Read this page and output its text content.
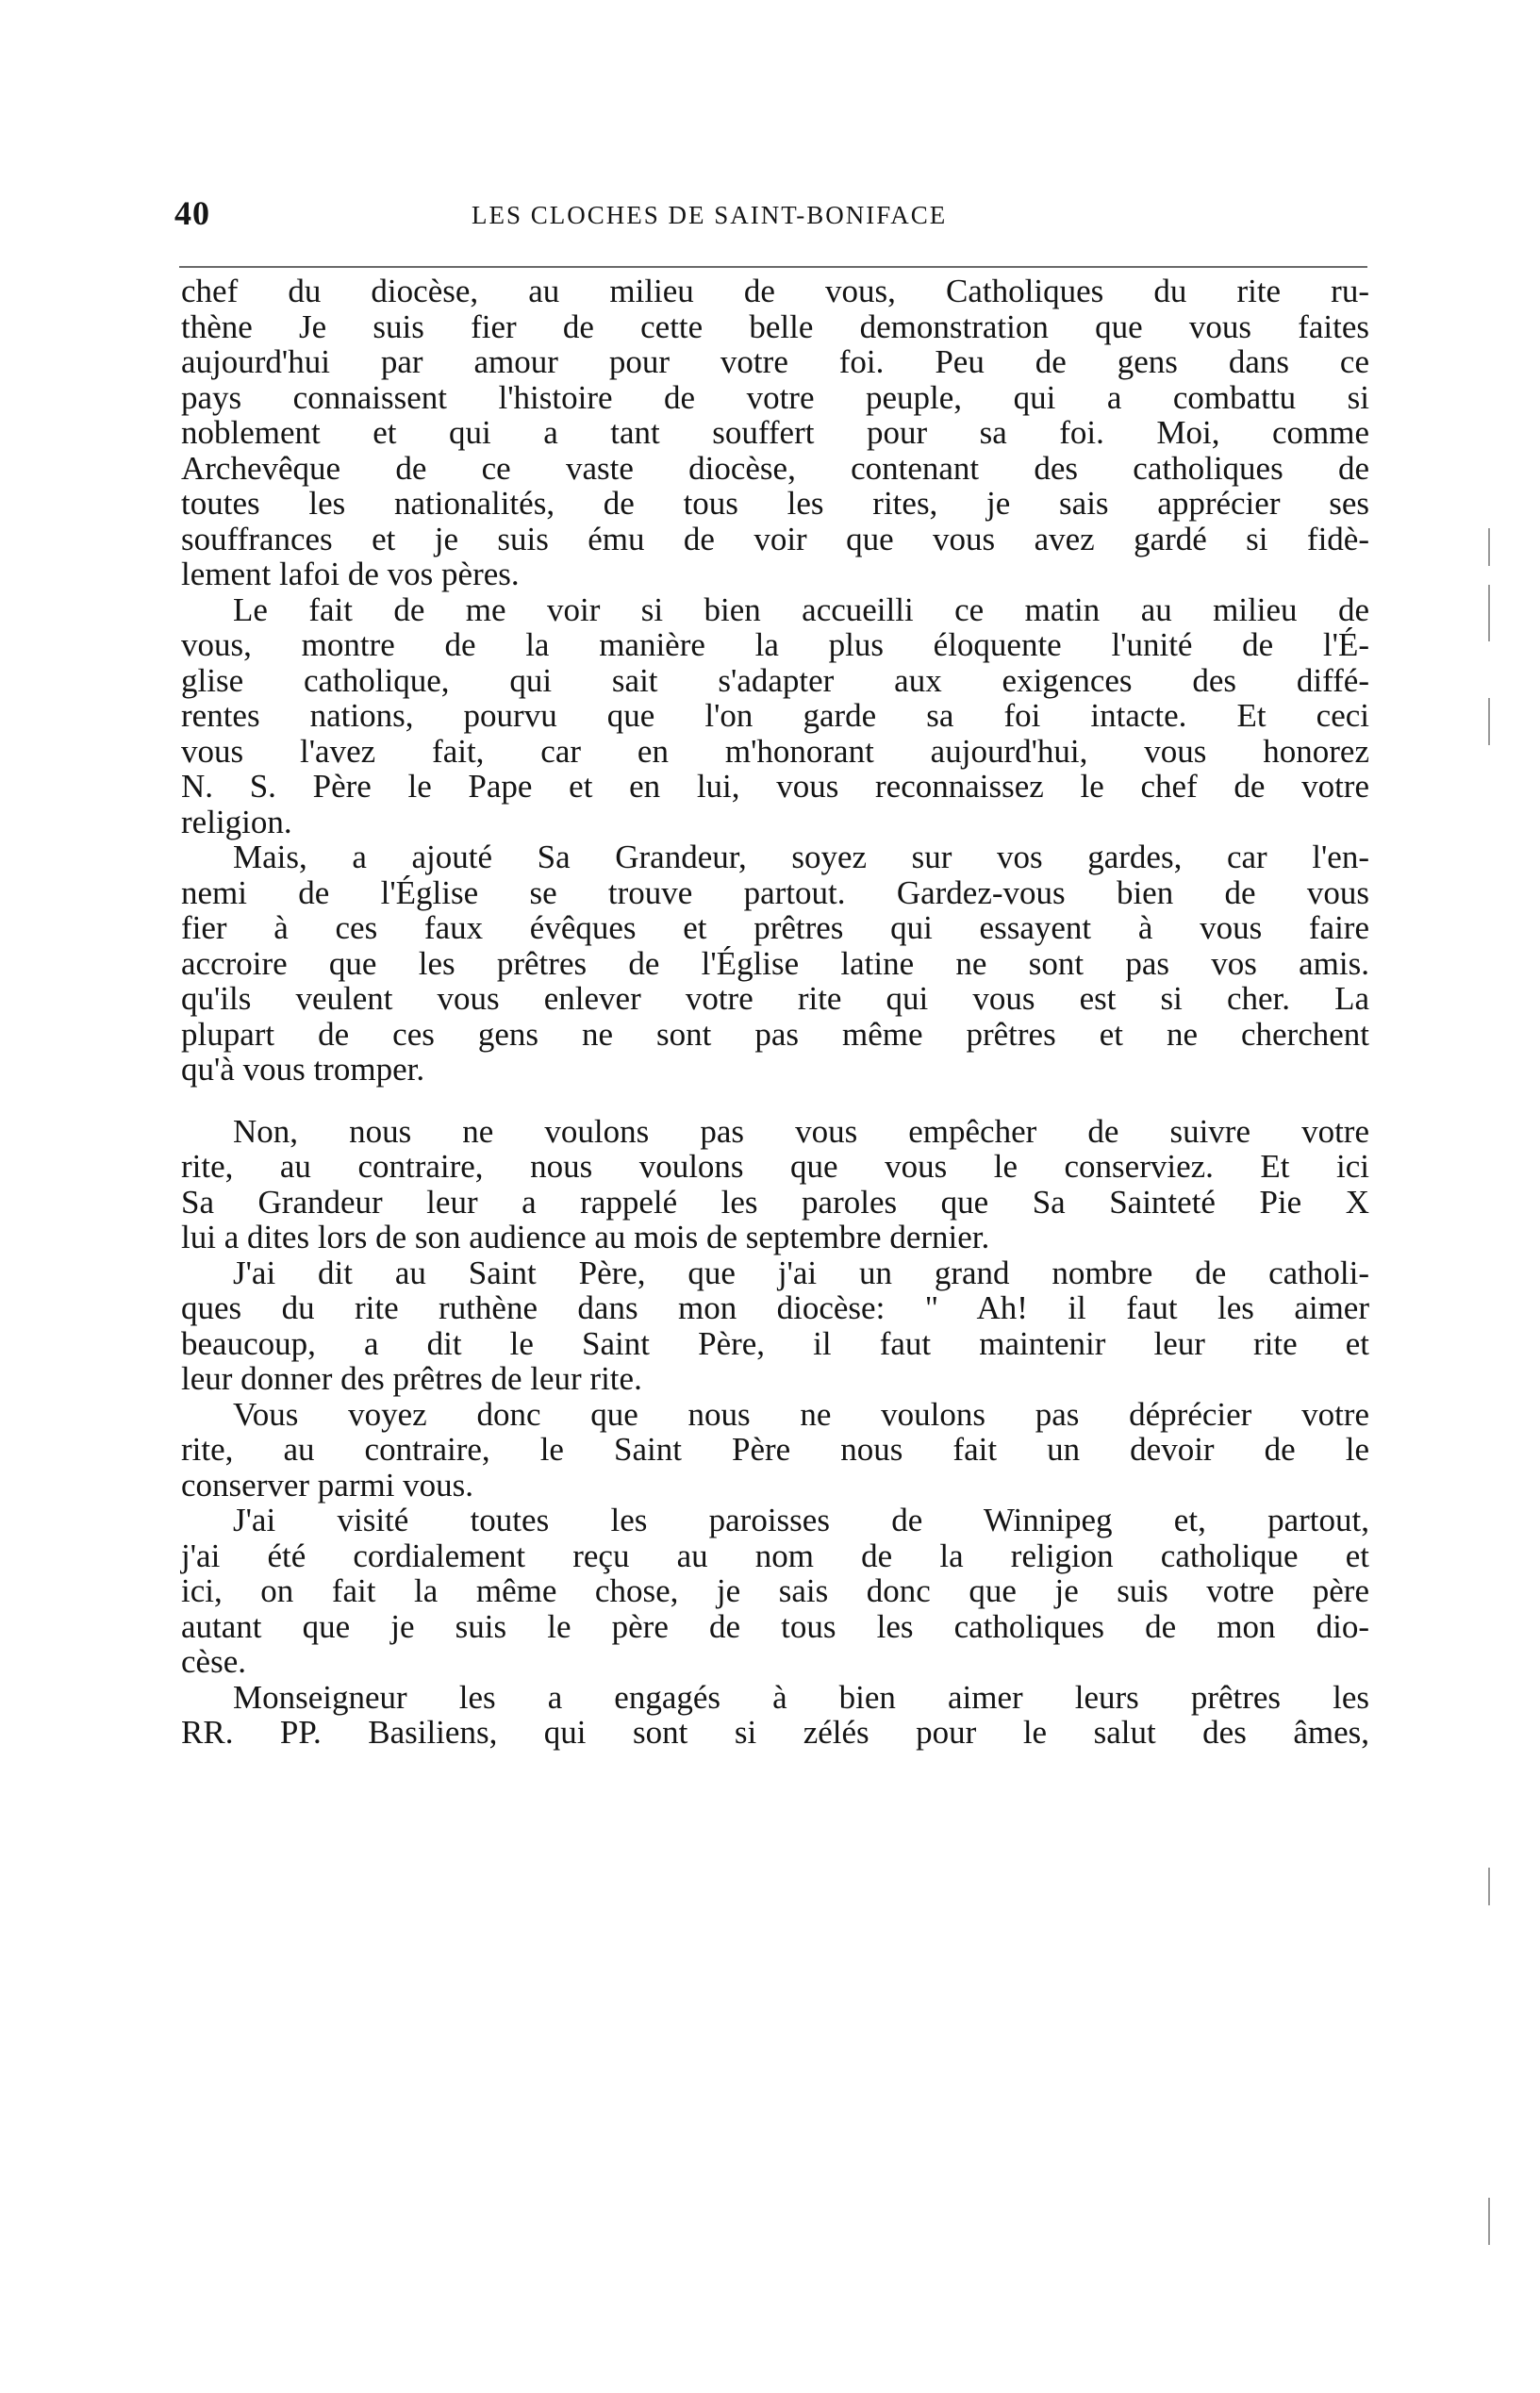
40	LES CLOCHES DE SAINT-BONIFACE
chef du diocèse, au milieu de vous, Catholiques du rite ru-
thène Je suis fier de cette belle demonstration que vous faites
aujourd'hui par amour pour votre foi. Peu de gens dans ce
pays connaissent l'histoire de votre peuple, qui a combattu si
noblement et qui a tant souffert pour sa foi. Moi, comme
Archevêque de ce vaste diocèse, contenant des catholiques de
toutes les nationalités, de tous les rites, je sais apprécier ses
souffrances et je suis ému de voir que vous avez gardé si fidè-
lement lafoi de vos pères.
Le fait de me voir si bien accueilli ce matin au milieu de
vous, montre de la manière la plus éloquente l'unité de l'É-
glise catholique, qui sait s'adapter aux exigences des diffé-
rentes nations, pourvu que l'on garde sa foi intacte. Et ceci
vous l'avez fait, car en m'honorant aujourd'hui, vous honorez
N. S. Père le Pape et en lui, vous reconnaissez le chef de votre
religion.
Mais, a ajouté Sa Grandeur, soyez sur vos gardes, car l'en-
nemi de l'Église se trouve partout. Gardez-vous bien de vous
fier à ces faux évêques et prêtres qui essayent à vous faire
accroire que les prêtres de l'Église latine ne sont pas vos amis.
qu'ils veulent vous enlever votre rite qui vous est si cher. La
plupart de ces gens ne sont pas même prêtres et ne cherchent
qu'à vous tromper.
Non, nous ne voulons pas vous empêcher de suivre votre
rite, au contraire, nous voulons que vous le conserviez. Et ici
Sa Grandeur leur a rappelé les paroles que Sa Sainteté Pie X
lui a dites lors de son audience au mois de septembre dernier.
J'ai dit au Saint Père, que j'ai un grand nombre de catholi-
ques du rite ruthène dans mon diocèse: " Ah! il faut les aimer
beaucoup, a dit le Saint Père, il faut maintenir leur rite et
leur donner des prêtres de leur rite.
Vous voyez donc que nous ne voulons pas déprécier votre
rite, au contraire, le Saint Père nous fait un devoir de le
conserver parmi vous.
J'ai visité toutes les paroisses de Winnipeg et, partout,
j'ai été cordialement reçu au nom de la religion catholique et
ici, on fait la même chose, je sais donc que je suis votre père
autant que je suis le père de tous les catholiques de mon dio-
cèse.
Monseigneur les a engagés à bien aimer leurs prêtres les
RR. PP. Basiliens, qui sont si zélés pour le salut des âmes,
